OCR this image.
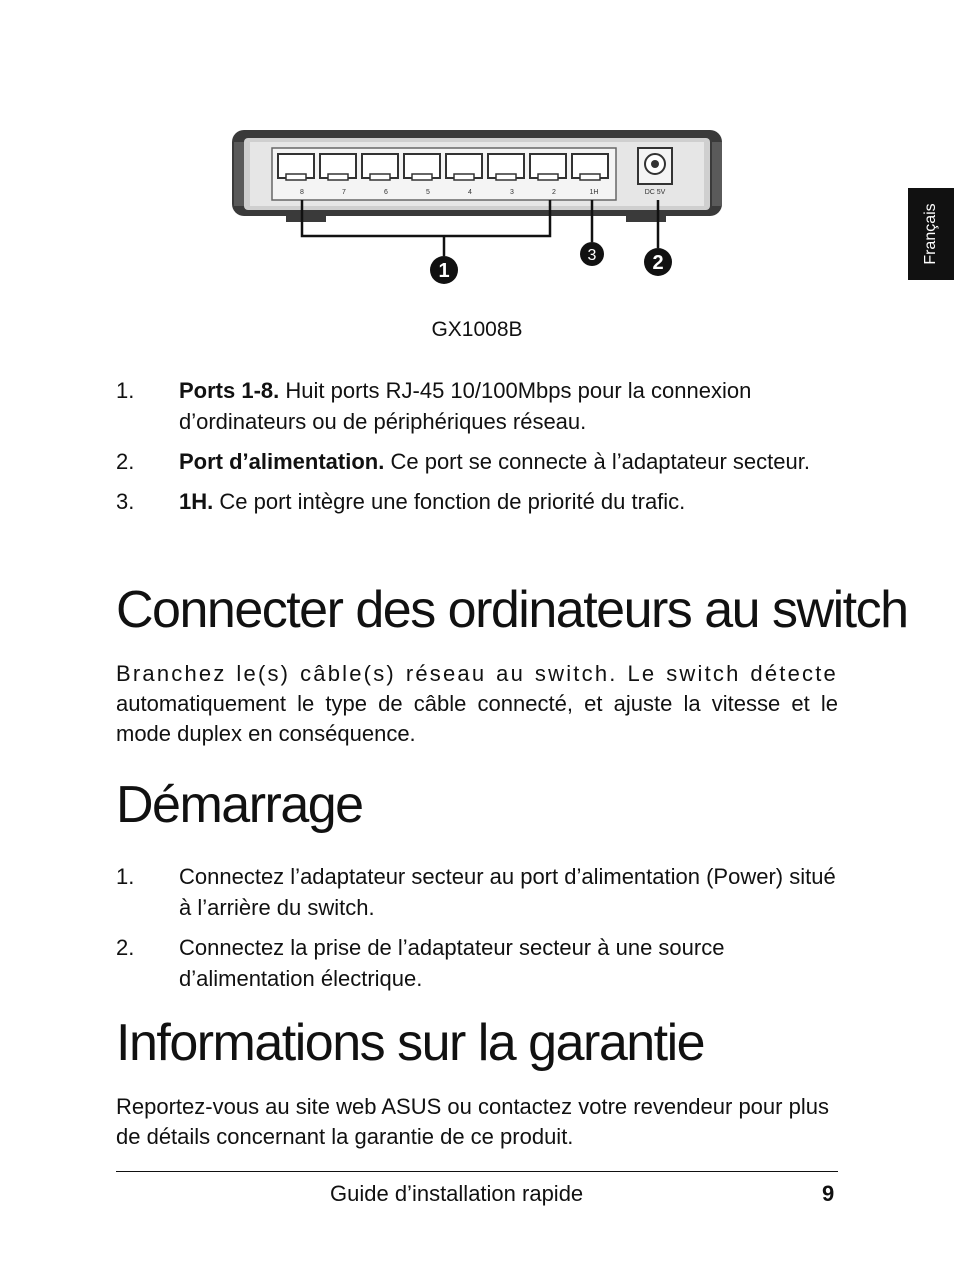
Français
8	7	6	5	4	3	2	1H	DC 5V
1
3	2
GX1008B
1. Ports 1-8. Huit ports RJ-45 10/100Mbps pour la connexion d’ordinateurs ou de périphériques réseau.
2. Port d’alimentation. Ce port se connecte à l’adaptateur secteur.
3. 1H. Ce port intègre une fonction de priorité du trafic.
Connecter des ordinateurs au switch

Branchez le(s) câble(s) réseau au switch. Le switch détecte automatiquement le type de câble connecté, et ajuste la vitesse et le mode duplex en conséquence.

Démarrage
1. Connectez l’adaptateur secteur au port d’alimentation (Power) situé à l’arrière du switch.
2. Connectez la prise de l’adaptateur secteur à une source d’alimentation électrique.
Informations sur la garantie

Reportez-vous au site web ASUS ou contactez votre revendeur pour plus de détails concernant la garantie de ce produit.

Guide d’installation rapide	9
